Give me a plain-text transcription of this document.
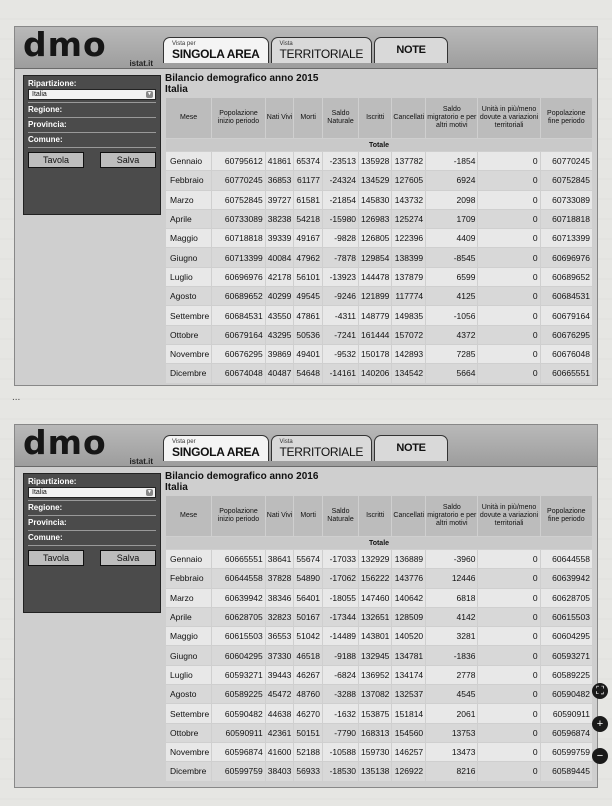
dmo	istat.it
Vista per
SINGOLA AREA
Vista
TERRITORIALE	NOTE
Ripartizione:
Italia	▼
Regione:
Provincia:
Comune:
Tavola	Salva
Bilancio demografico anno 2015
Italia
Mese	Popolazione inizio periodo	Nati Vivi	Morti	Saldo Naturale	Iscritti	Cancellati	Saldo migratorio e per altri motivi	Unità in più/meno dovute a variazioni territoriali	Popolazione fine periodo
Totale									
Gennaio	60795612	41861	65374	-23513	135928	137782	-1854	0	60770245
Febbraio	60770245	36853	61177	-24324	134529	127605	6924	0	60752845
Marzo	60752845	39727	61581	-21854	145830	143732	2098	0	60733089
Aprile	60733089	38238	54218	-15980	126983	125274	1709	0	60718818
Maggio	60718818	39339	49167	-9828	126805	122396	4409	0	60713399
Giugno	60713399	40084	47962	-7878	129854	138399	-8545	0	60696976
Luglio	60696976	42178	56101	-13923	144478	137879	6599	0	60689652
Agosto	60689652	40299	49545	-9246	121899	117774	4125	0	60684531
Settembre	60684531	43550	47861	-4311	148779	149835	-1056	0	60679164
Ottobre	60679164	43295	50536	-7241	161444	157072	4372	0	60676295
Novembre	60676295	39869	49401	-9532	150178	142893	7285	0	60676048
Dicembre	60674048	40487	54648	-14161	140206	134542	5664	0	60665551
dmo	istat.it
Vista per
SINGOLA AREA
Vista
TERRITORIALE	NOTE
Ripartizione:
Italia	▼
Regione:
Provincia:
Comune:
Tavola	Salva
Bilancio demografico anno 2016
Italia
Mese	Popolazione inizio periodo	Nati Vivi	Morti	Saldo Naturale	Iscritti	Cancellati	Saldo migratorio e per altri motivi	Unità in più/meno dovute a variazioni territoriali	Popolazione fine periodo
Totale									
Gennaio	60665551	38641	55674	-17033	132929	136889	-3960	0	60644558
Febbraio	60644558	37828	54890	-17062	156222	143776	12446	0	60639942
Marzo	60639942	38346	56401	-18055	147460	140642	6818	0	60628705
Aprile	60628705	32823	50167	-17344	132651	128509	4142	0	60615503
Maggio	60615503	36553	51042	-14489	143801	140520	3281	0	60604295
Giugno	60604295	37330	46518	-9188	132945	134781	-1836	0	60593271
Luglio	60593271	39443	46267	-6824	136952	134174	2778	0	60589225
Agosto	60589225	45472	48760	-3288	137082	132537	4545	0	60590482
Settembre	60590482	44638	46270	-1632	153875	151814	2061	0	60590911
Ottobre	60590911	42361	50151	-7790	168313	154560	13753	0	60596874
Novembre	60596874	41600	52188	-10588	159730	146257	13473	0	60599759
Dicembre	60599759	38403	56933	-18530	135138	126922	8216	0	60589445
...
⛶
+
−
